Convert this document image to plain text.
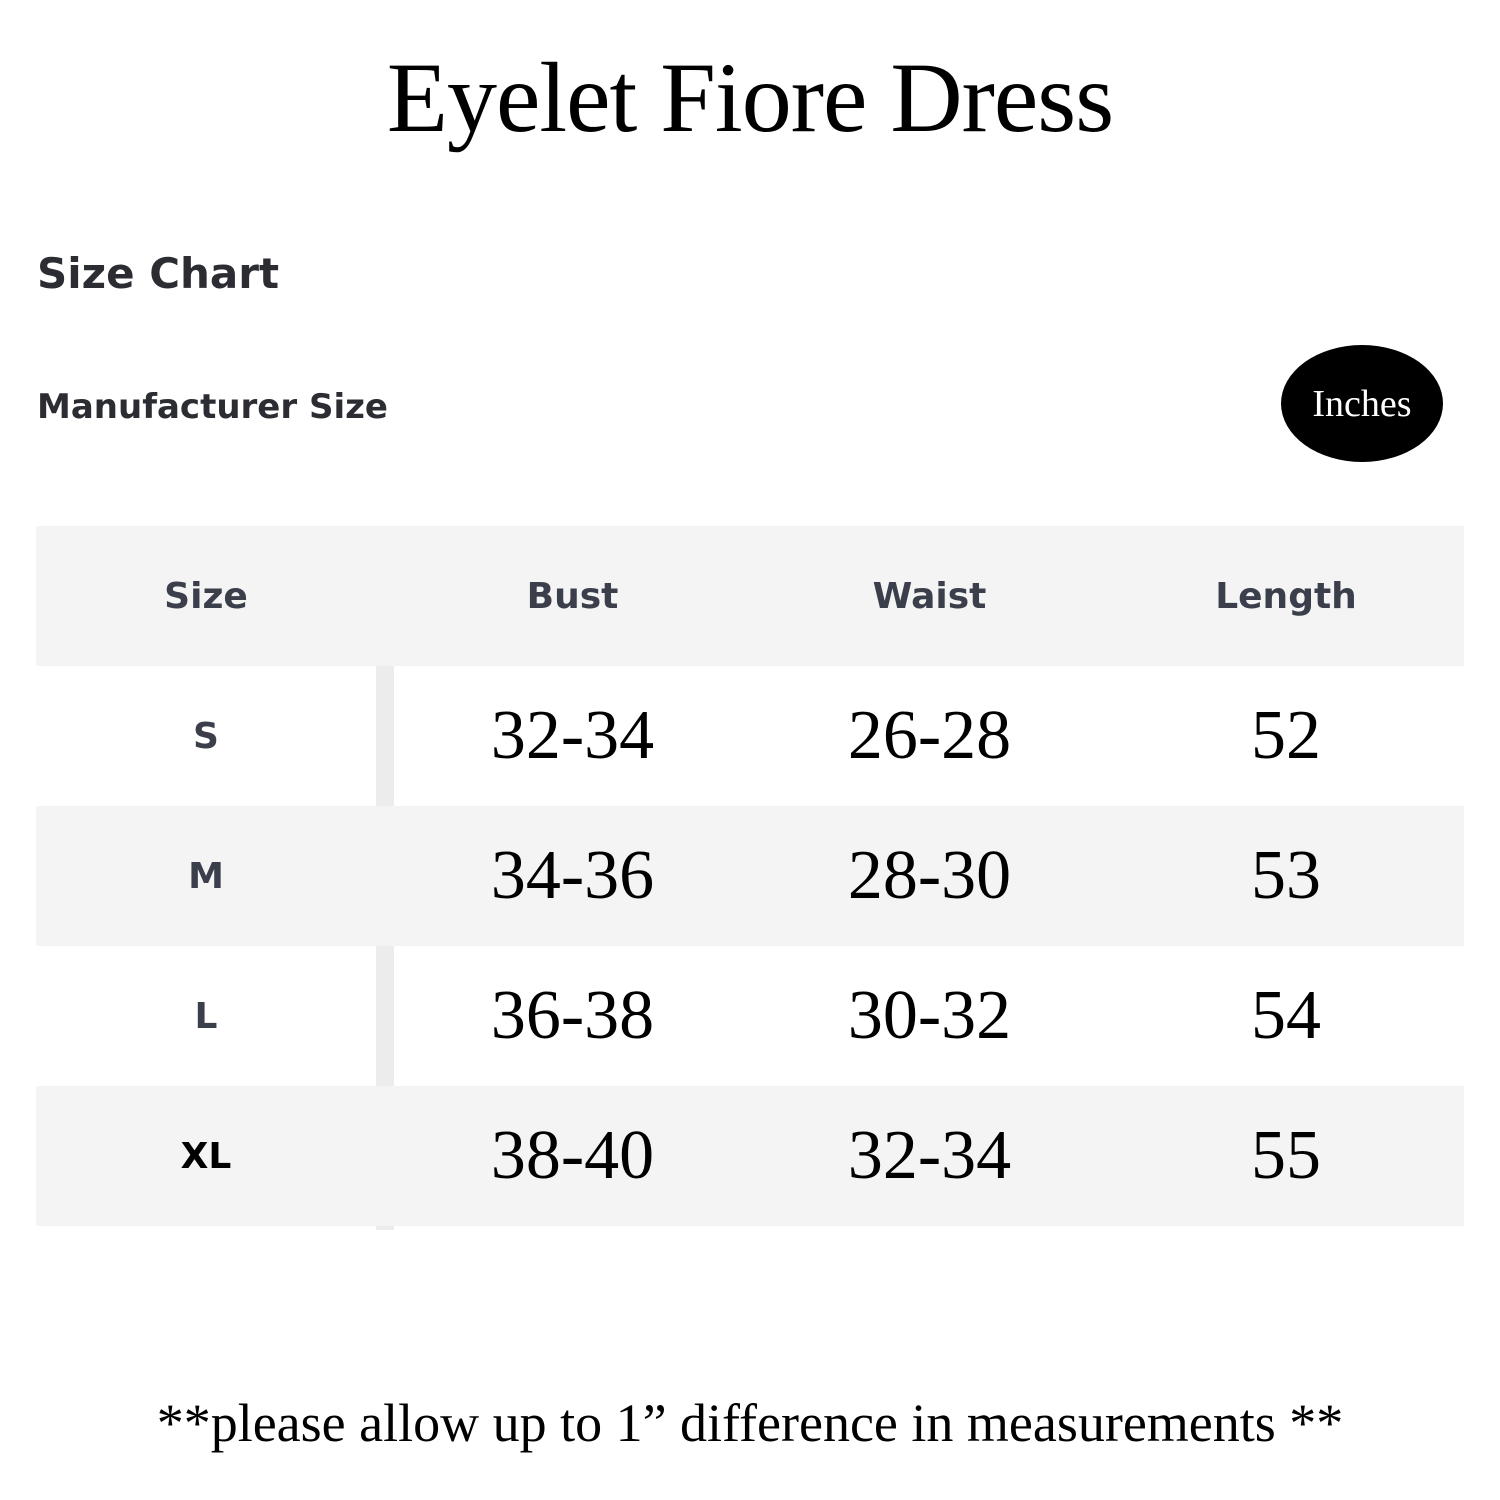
Eyelet Fiore Dress
Size Chart
Manufacturer Size	Inches
Size	Bust	Waist	Length
S	32-34	26-28	52
M	34-36	28-30	53
L	36-38	30-32	54
XL	38-40	32-34	55
**please allow up to 1” difference in measurements **
